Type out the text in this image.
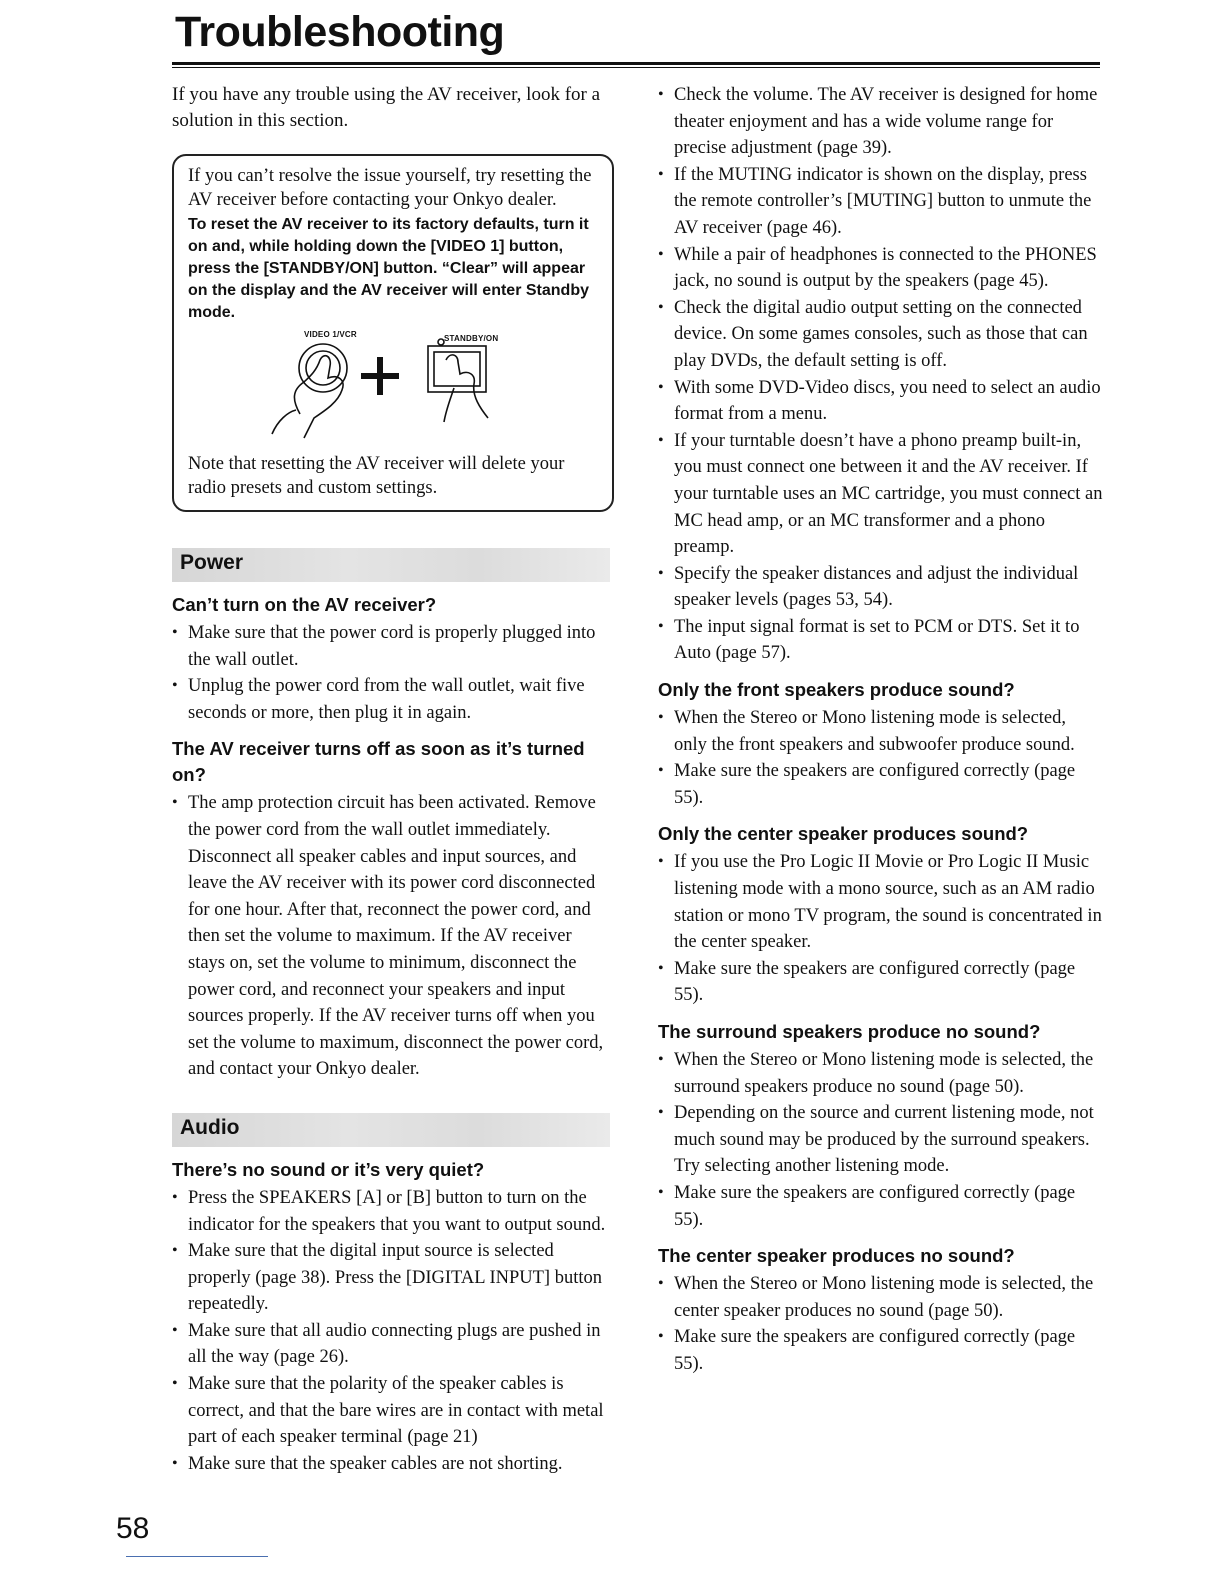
Troubleshooting

If you have any trouble using the AV receiver, look for a solution in this section.

If you can’t resolve the issue yourself, try resetting the AV receiver before contacting your Onkyo dealer.

To reset the AV receiver to its factory defaults, turn it on and, while holding down the [VIDEO 1] button, press the [STANDBY/ON] button. “Clear” will appear on the display and the AV receiver will enter Standby mode.

VIDEO 1/VCR	STANDBY/ON

Note that resetting the AV receiver will delete your radio presets and custom settings.

Power
Can’t turn on the AV receiver?
• Make sure that the power cord is properly plugged into the wall outlet.
• Unplug the power cord from the wall outlet, wait five seconds or more, then plug it in again.
The AV receiver turns off as soon as it’s turned on?
• The amp protection circuit has been activated. Remove the power cord from the wall outlet immediately. Disconnect all speaker cables and input sources, and leave the AV receiver with its power cord disconnected for one hour. After that, reconnect the power cord, and then set the volume to maximum. If the AV receiver stays on, set the volume to minimum, disconnect the power cord, and reconnect your speakers and input sources properly. If the AV receiver turns off when you set the volume to maximum, disconnect the power cord, and contact your Onkyo dealer.
Audio
There’s no sound or it’s very quiet?
• Press the SPEAKERS [A] or [B] button to turn on the indicator for the speakers that you want to output sound.
• Make sure that the digital input source is selected properly (page 38). Press the [DIGITAL INPUT] button repeatedly.
• Make sure that all audio connecting plugs are pushed in all the way (page 26).
• Make sure that the polarity of the speaker cables is correct, and that the bare wires are in contact with metal part of each speaker terminal (page 21)
• Make sure that the speaker cables are not shorting.
• Check the volume. The AV receiver is designed for home theater enjoyment and has a wide volume range for precise adjustment (page 39).
• If the MUTING indicator is shown on the display, press the remote controller’s [MUTING] button to unmute the AV receiver (page 46).
• While a pair of headphones is connected to the PHONES jack, no sound is output by the speakers (page 45).
• Check the digital audio output setting on the connected device. On some games consoles, such as those that can play DVDs, the default setting is off.
• With some DVD-Video discs, you need to select an audio format from a menu.
• If your turntable doesn’t have a phono preamp built-in, you must connect one between it and the AV receiver. If your turntable uses an MC cartridge, you must connect an MC head amp, or an MC transformer and a phono preamp.
• Specify the speaker distances and adjust the individual speaker levels (pages 53, 54).
• The input signal format is set to PCM or DTS. Set it to Auto (page 57).
Only the front speakers produce sound?
• When the Stereo or Mono listening mode is selected, only the front speakers and subwoofer produce sound.
• Make sure the speakers are configured correctly (page 55).
Only the center speaker produces sound?
• If you use the Pro Logic II Movie or Pro Logic II Music listening mode with a mono source, such as an AM radio station or mono TV program, the sound is concentrated in the center speaker.
• Make sure the speakers are configured correctly (page 55).
The surround speakers produce no sound?
• When the Stereo or Mono listening mode is selected, the surround speakers produce no sound (page 50).
• Depending on the source and current listening mode, not much sound may be produced by the surround speakers. Try selecting another listening mode.
• Make sure the speakers are configured correctly (page 55).
The center speaker produces no sound?
• When the Stereo or Mono listening mode is selected, the center speaker produces no sound (page 50).
• Make sure the speakers are configured correctly (page 55).
58
